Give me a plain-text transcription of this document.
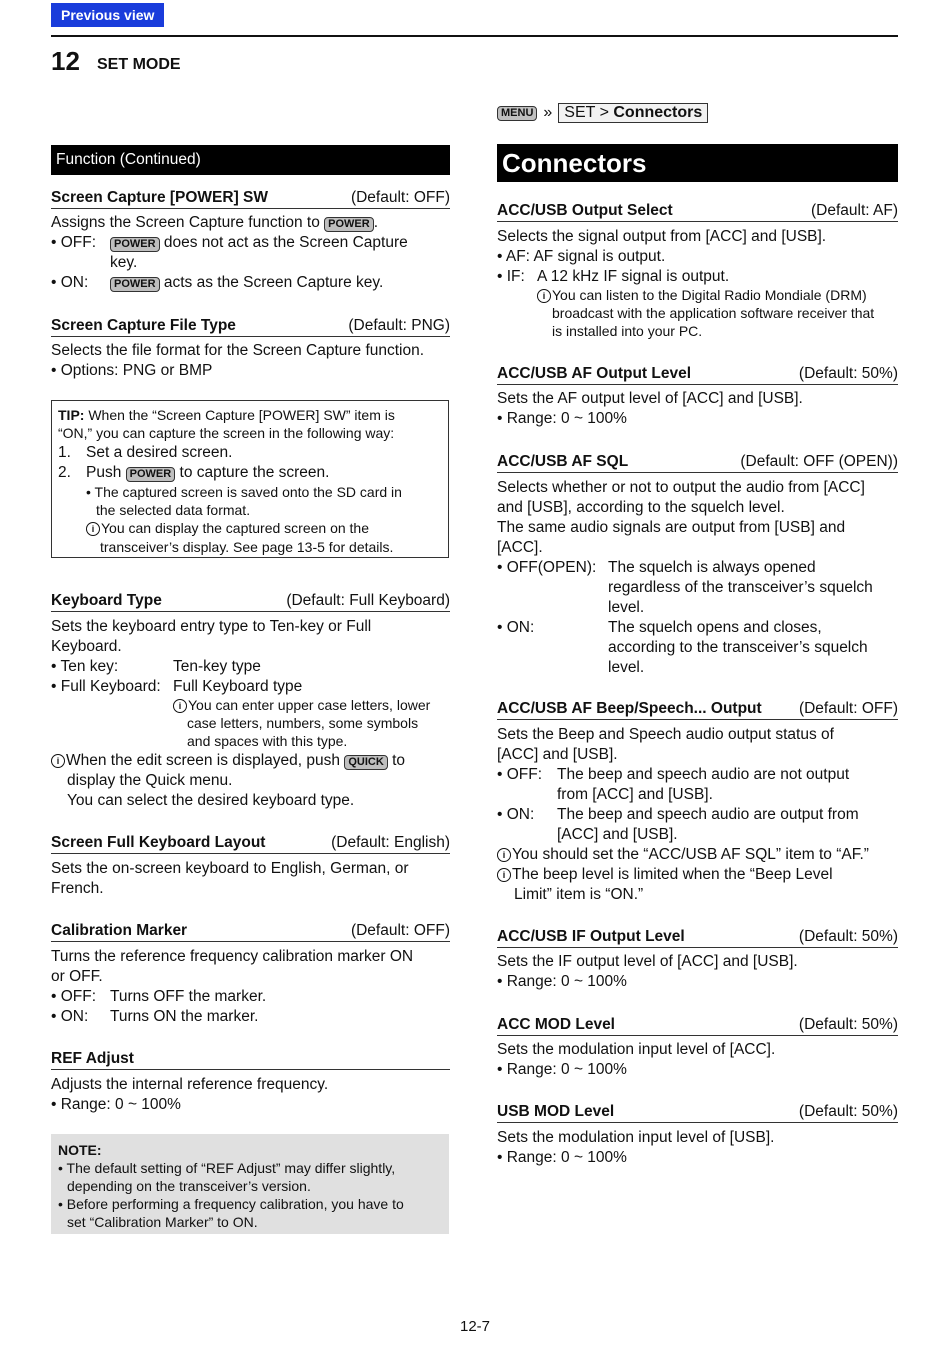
Previous view
12 SET MODE
MENU » SET > Connectors
Function (Continued)
Screen Capture [POWER] SW	(Default: OFF)
Assigns the Screen Capture function to POWER .
• OFF:	POWER does not act as the Screen Capture
key.
• ON:	POWER acts as the Screen Capture key.
Screen Capture File Type	(Default: PNG)
Selects the file format for the Screen Capture function.
• Options: PNG or BMP
TIP: When the “Screen Capture [POWER] SW” item is
“ON,” you can capture the screen in the following way:
1. Set a desired screen.
2. Push POWER to capture the screen.
• The captured screen is saved onto the SD card in
the selected data format.
i You can display the captured screen on the
transceiver’s display. See page 13-5 for details.
Keyboard Type	(Default: Full Keyboard)
Sets the keyboard entry type to Ten-key or Full
Keyboard.
• Ten key:	Ten-key type
• Full Keyboard: Full Keyboard type
i You can enter upper case letters, lower
case letters, numbers, some symbols
and spaces with this type.
i When the edit screen is displayed, push QUICK to
display the Quick menu.
You can select the desired keyboard type.
Screen Full Keyboard Layout	(Default: English)
Sets the on-screen keyboard to English, German, or
French.
Calibration Marker	(Default: OFF)
Turns the reference frequency calibration marker ON
or OFF.
• OFF: Turns OFF the marker.
• ON: Turns ON the marker.
REF Adjust
Adjusts the internal reference frequency.
• Range: 0 ~ 100%
NOTE:
• The default setting of “REF Adjust” may differ slightly,
depending on the transceiver’s version.
• Before performing a frequency calibration, you have to
set “Calibration Marker” to ON.
Connectors
ACC/USB Output Select	(Default: AF)
Selects the signal output from [ACC] and [USB].
• AF: AF signal is output.
• IF: A 12 kHz IF signal is output.
i You can listen to the Digital Radio Mondiale (DRM)
broadcast with the application software receiver that
is installed into your PC.
ACC/USB AF Output Level	(Default: 50%)
Sets the AF output level of [ACC] and [USB].
• Range: 0 ~ 100%
ACC/USB AF SQL	(Default: OFF (OPEN))
Selects whether or not to output the audio from [ACC]
and [USB], according to the squelch level.
The same audio signals are output from [USB] and
[ACC].
• OFF(OPEN): The squelch is always opened
regardless of the transceiver’s squelch
level.
• ON:	The squelch opens and closes,
according to the transceiver’s squelch
level.
ACC/USB AF Beep/Speech... Output (Default: OFF)
Sets the Beep and Speech audio output status of
[ACC] and [USB].
• OFF: The beep and speech audio are not output
from [ACC] and [USB].
• ON: The beep and speech audio are output from
[ACC] and [USB].
i You should set the “ACC/USB AF SQL” item to “AF.”
i The beep level is limited when the “Beep Level
Limit” item is “ON.”
ACC/USB IF Output Level	(Default: 50%)
Sets the IF output level of [ACC] and [USB].
• Range: 0 ~ 100%
ACC MOD Level	(Default: 50%)
Sets the modulation input level of [ACC].
• Range: 0 ~ 100%
USB MOD Level	(Default: 50%)
Sets the modulation input level of [USB].
• Range: 0 ~ 100%
12-7
